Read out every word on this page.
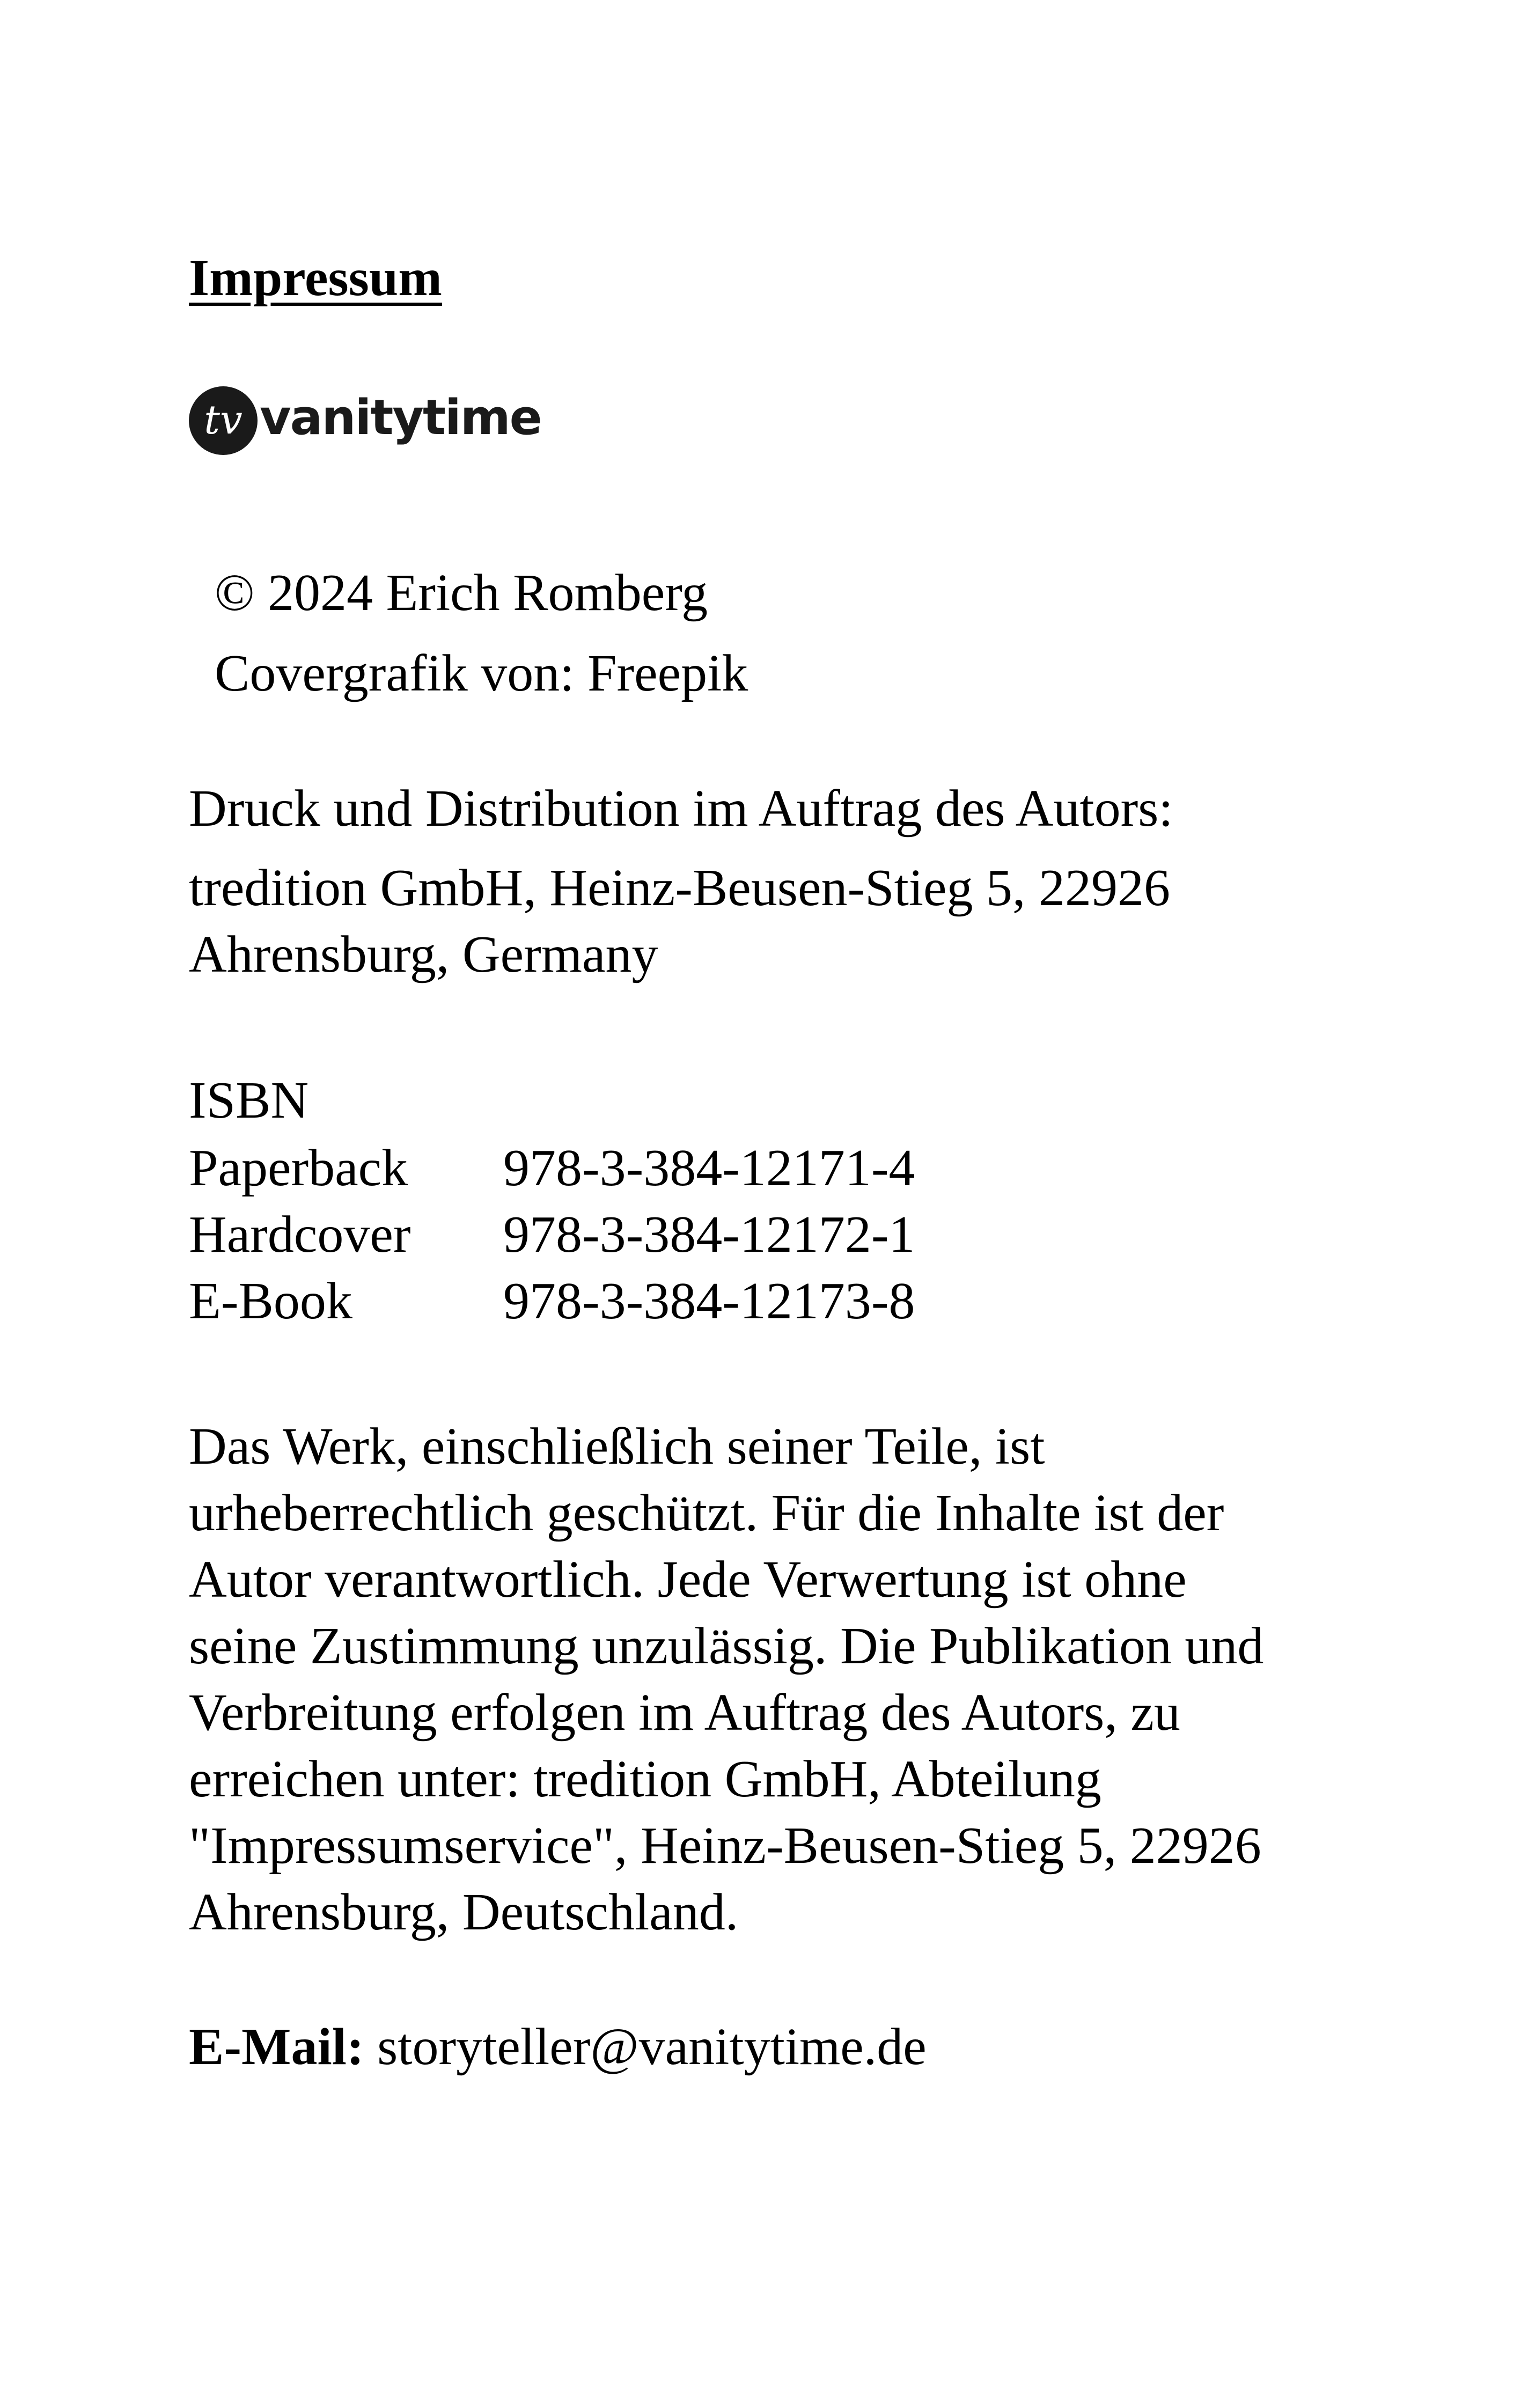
Impressum
tv vanitytime
© 2024 Erich Romberg
Covergrafik von: Freepik
Druck und Distribution im Auftrag des Autors:
tredition GmbH, Heinz-Beusen-Stieg 5, 22926
Ahrensburg, Germany
ISBN
Paperback 978-3-384-12171-4
Hardcover 978-3-384-12172-1
E-Book	978-3-384-12173-8
Das Werk, einschließlich seiner Teile, ist
urheberrechtlich geschützt. Für die Inhalte ist der
Autor verantwortlich. Jede Verwertung ist ohne
seine Zustimmung unzulässig. Die Publikation und
Verbreitung erfolgen im Auftrag des Autors, zu
erreichen unter: tredition GmbH, Abteilung
"Impressumservice", Heinz-Beusen-Stieg 5, 22926
Ahrensburg, Deutschland.
E-Mail: storyteller@vanitytime.de
